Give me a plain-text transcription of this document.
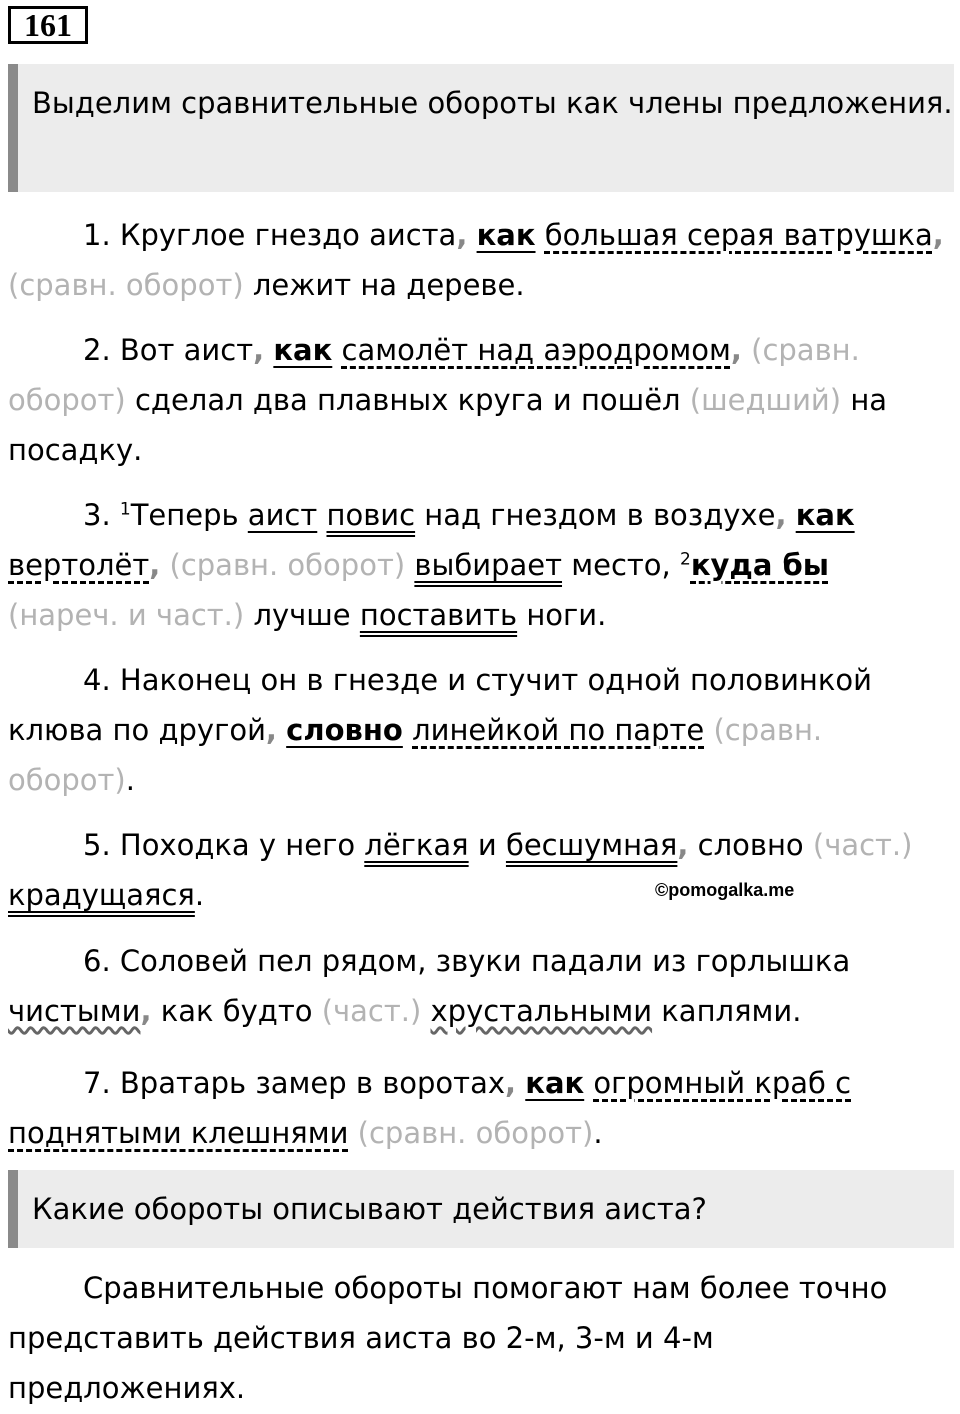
161
Выделим сравнительные обороты как члены предложения.

1. Круглое гнездо аиста, как большая серая ватрушка, (сравн. оборот) лежит на дереве.

2. Вот аист, как самолёт над аэродромом, (сравн. оборот) сделал два плавных круга и пошёл (шедший) на посадку.

3. $^1$Теперь аист повис над гнездом в воздухе, как вертолёт, (сравн. оборот) выбирает место, $^2$куда бы (нареч. и част.) лучше поставить ноги.

4. Наконец он в гнезде и стучит одной половинкой клюва по другой, словно линейкой по парте (сравн. оборот).

5. Походка у него лёгкая и бесшумная, словно (част.) крадущаяся.	©pomogalka.me

6. Соловей пел рядом, звуки падали из горлышка чистыми, как будто (част.) хрустальными каплями.

7. Вратарь замер в воротах, как огромный краб с поднятыми клешнями (сравн. оборот).

Какие обороты описывают действия аиста?

Сравнительные обороты помогают нам более точно представить действия аиста во 2-м, 3-м и 4-м предложениях.
